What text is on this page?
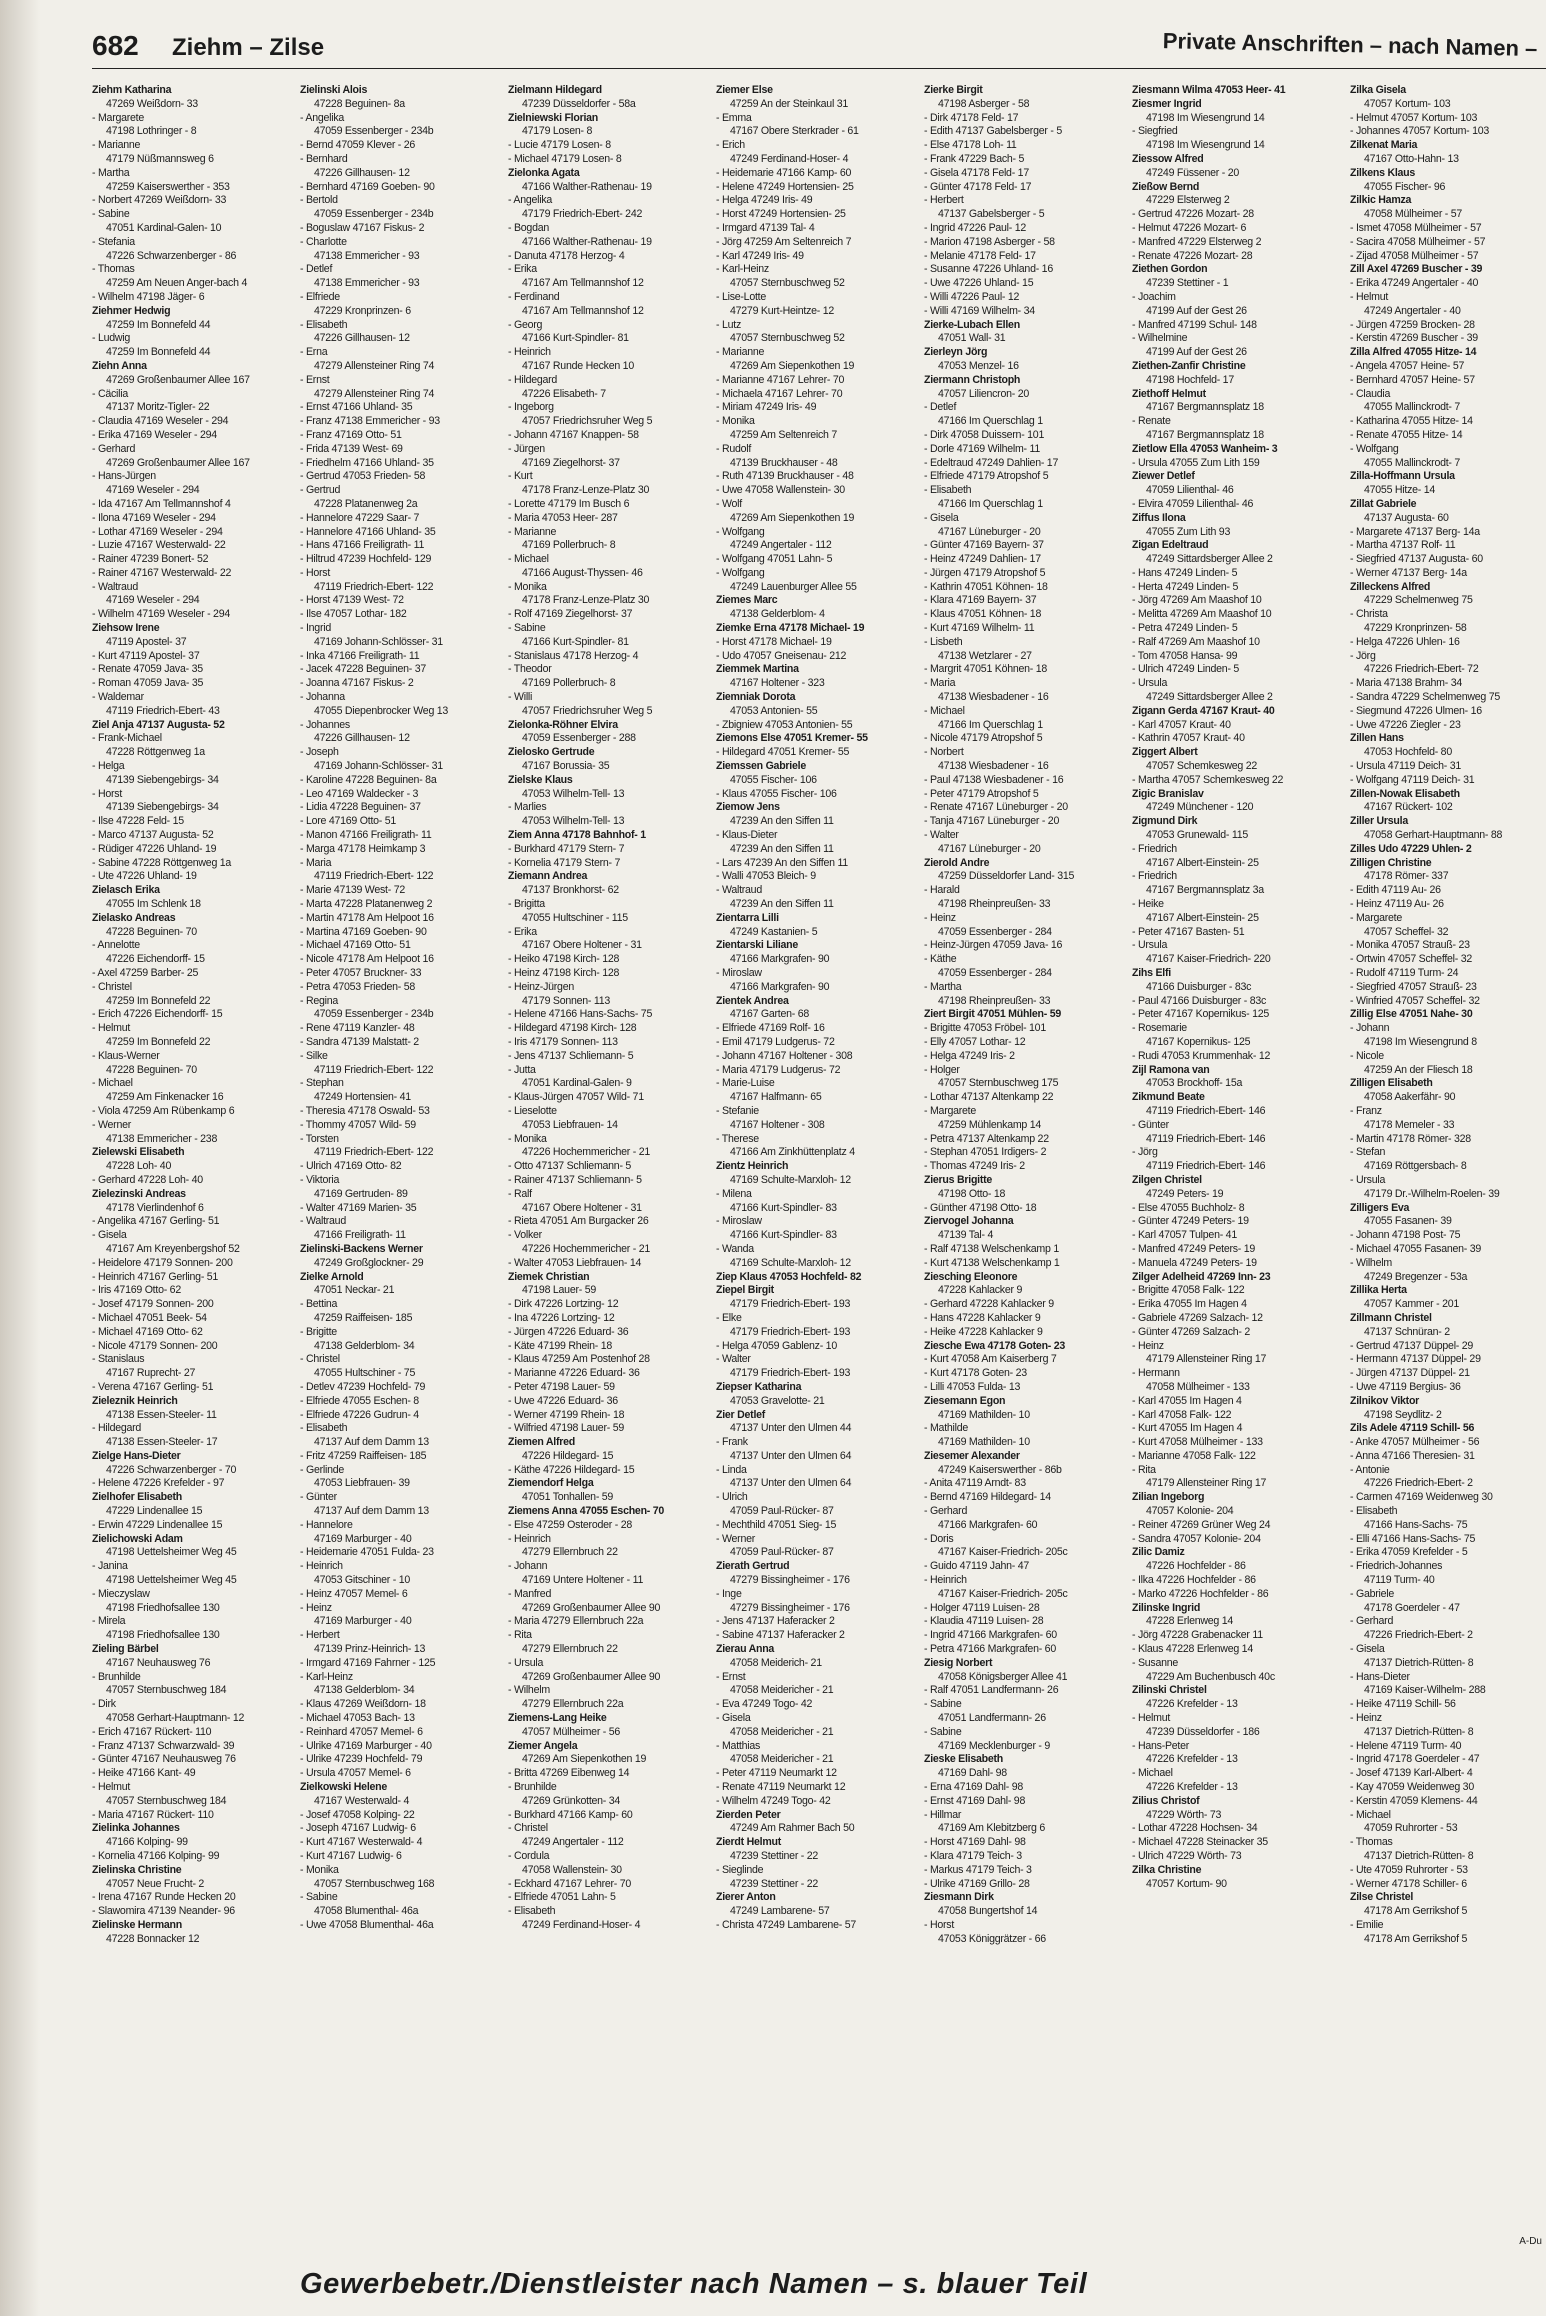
682 Ziehm – Zilse	Private Anschriften – nach Namen –
Ziehm Katharina
47269 Weißdorn- 33
- Margarete
47198 Lothringer - 8
- Marianne
47179 Nüßmannsweg 6
- Martha
47259 Kaiserswerther - 353
- Norbert 47269 Weißdorn- 33
- Sabine
47051 Kardinal-Galen- 10
- Stefania
47226 Schwarzenberger - 86
- Thomas
47259 Am Neuen Anger-bach 4
- Wilhelm 47198 Jäger- 6
Ziehmer Hedwig
47259 Im Bonnefeld 44
- Ludwig
47259 Im Bonnefeld 44
Ziehn Anna
47269 Großenbaumer Allee 167
- Cäcilia
47137 Moritz-Tigler- 22
- Claudia 47169 Weseler - 294
- Erika 47169 Weseler - 294
- Gerhard
47269 Großenbaumer Allee 167
- Hans-Jürgen
47169 Weseler - 294
- Ida 47167 Am Tellmannshof 4
- Ilona 47169 Weseler - 294
- Lothar 47169 Weseler - 294
- Luzie 47167 Westerwald- 22
- Rainer 47239 Bonert- 52
- Rainer 47167 Westerwald- 22
- Waltraud
47169 Weseler - 294
- Wilhelm 47169 Weseler - 294
Ziehsow Irene
47119 Apostel- 37
- Kurt 47119 Apostel- 37
- Renate 47059 Java- 35
- Roman 47059 Java- 35
- Waldemar
47119 Friedrich-Ebert- 43
Ziel Anja 47137 Augusta- 52
- Frank-Michael
47228 Röttgenweg 1a
- Helga
47139 Siebengebirgs- 34
- Horst
47139 Siebengebirgs- 34
- Ilse 47228 Feld- 15
- Marco 47137 Augusta- 52
- Rüdiger 47226 Uhland- 19
- Sabine 47228 Röttgenweg 1a
- Ute 47226 Uhland- 19
Zielasch Erika
47055 Im Schlenk 18
Zielasko Andreas
47228 Beguinen- 70
- Annelotte
47226 Eichendorff- 15
- Axel 47259 Barber- 25
- Christel
47259 Im Bonnefeld 22
- Erich 47226 Eichendorff- 15
- Helmut
47259 Im Bonnefeld 22
- Klaus-Werner
47228 Beguinen- 70
- Michael
47259 Am Finkenacker 16
- Viola 47259 Am Rübenkamp 6
- Werner
47138 Emmericher - 238
Zielewski Elisabeth
47228 Loh- 40
- Gerhard 47228 Loh- 40
Zielezinski Andreas
47178 Vierlindenhof 6
- Angelika 47167 Gerling- 51
- Gisela
47167 Am Kreyenbergshof 52
- Heidelore 47179 Sonnen- 200
- Heinrich 47167 Gerling- 51
- Iris 47169 Otto- 62
- Josef 47179 Sonnen- 200
- Michael 47051 Beek- 54
- Michael 47169 Otto- 62
- Nicole 47179 Sonnen- 200
- Stanislaus
47167 Ruprecht- 27
- Verena 47167 Gerling- 51
Zieleznik Heinrich
47138 Essen-Steeler- 11
- Hildegard
47138 Essen-Steeler- 17
Zielge Hans-Dieter
47226 Schwarzenberger - 70
- Helene 47226 Krefelder - 97
Zielhofer Elisabeth
47229 Lindenallee 15
- Erwin 47229 Lindenallee 15
Zielichowski Adam
47198 Uettelsheimer Weg 45
- Janina
47198 Uettelsheimer Weg 45
- Mieczyslaw
47198 Friedhofsallee 130
- Mirela
47198 Friedhofsallee 130
Zieling Bärbel
47167 Neuhausweg 76
- Brunhilde
47057 Sternbuschweg 184
- Dirk
47058 Gerhart-Hauptmann- 12
- Erich 47167 Rückert- 110
- Franz 47137 Schwarzwald- 39
- Günter 47167 Neuhausweg 76
- Heike 47166 Kant- 49
- Helmut
47057 Sternbuschweg 184
- Maria 47167 Rückert- 110
Zielinka Johannes
47166 Kolping- 99
- Kornelia 47166 Kolping- 99
Zielinska Christine
47057 Neue Frucht- 2
- Irena 47167 Runde Hecken 20
- Slawomira 47139 Neander- 96
Zielinske Hermann
47228 Bonnacker 12
Zielinski Alois
47228 Beguinen- 8a
- Angelika
47059 Essenberger - 234b
- Bernd 47059 Klever - 26
- Bernhard
47226 Gillhausen- 12
- Bernhard 47169 Goeben- 90
- Bertold
47059 Essenberger - 234b
- Boguslaw 47167 Fiskus- 2
- Charlotte
47138 Emmericher - 93
- Detlef
47138 Emmericher - 93
- Elfriede
47229 Kronprinzen- 6
- Elisabeth
47226 Gillhausen- 12
- Erna
47279 Allensteiner Ring 74
- Ernst
47279 Allensteiner Ring 74
- Ernst 47166 Uhland- 35
- Franz 47138 Emmericher - 93
- Franz 47169 Otto- 51
- Frida 47139 West- 69
- Friedhelm 47166 Uhland- 35
- Gertrud 47053 Frieden- 58
- Gertrud
47228 Platanenweg 2a
- Hannelore 47229 Saar- 7
- Hannelore 47166 Uhland- 35
- Hans 47166 Freiligrath- 11
- Hiltrud 47239 Hochfeld- 129
- Horst
47119 Friedrich-Ebert- 122
- Horst 47139 West- 72
- Ilse 47057 Lothar- 182
- Ingrid
47169 Johann-Schlösser- 31
- Inka 47166 Freiligrath- 11
- Jacek 47228 Beguinen- 37
- Joanna 47167 Fiskus- 2
- Johanna
47055 Diepenbrocker Weg 13
- Johannes
47226 Gillhausen- 12
- Joseph
47169 Johann-Schlösser- 31
- Karoline 47228 Beguinen- 8a
- Leo 47169 Waldecker - 3
- Lidia 47228 Beguinen- 37
- Lore 47169 Otto- 51
- Manon 47166 Freiligrath- 11
- Marga 47178 Heimkamp 3
- Maria
47119 Friedrich-Ebert- 122
- Marie 47139 West- 72
- Marta 47228 Platanenweg 2
- Martin 47178 Am Helpoot 16
- Martina 47169 Goeben- 90
- Michael 47169 Otto- 51
- Nicole 47178 Am Helpoot 16
- Peter 47057 Bruckner- 33
- Petra 47053 Frieden- 58
- Regina
47059 Essenberger - 234b
- Rene 47119 Kanzler- 48
- Sandra 47139 Malstatt- 2
- Silke
47119 Friedrich-Ebert- 122
- Stephan
47249 Hortensien- 41
- Theresia 47178 Oswald- 53
- Thommy 47057 Wild- 59
- Torsten
47119 Friedrich-Ebert- 122
- Ulrich 47169 Otto- 82
- Viktoria
47169 Gertruden- 89
- Walter 47169 Marien- 35
- Waltraud
47166 Freiligrath- 11
Zielinski-Backens Werner
47249 Großglockner- 29
Zielke Arnold
47051 Neckar- 21
- Bettina
47259 Raiffeisen- 185
- Brigitte
47138 Gelderblom- 34
- Christel
47055 Hultschiner - 75
- Detlev 47239 Hochfeld- 79
- Elfriede 47055 Eschen- 8
- Elfriede 47226 Gudrun- 4
- Elisabeth
47137 Auf dem Damm 13
- Fritz 47259 Raiffeisen- 185
- Gerlinde
47053 Liebfrauen- 39
- Günter
47137 Auf dem Damm 13
- Hannelore
47169 Marburger - 40
- Heidemarie 47051 Fulda- 23
- Heinrich
47053 Gitschiner - 10
- Heinz 47057 Memel- 6
- Heinz
47169 Marburger - 40
- Herbert
47139 Prinz-Heinrich- 13
- Irmgard 47169 Fahrner - 125
- Karl-Heinz
47138 Gelderblom- 34
- Klaus 47269 Weißdorn- 18
- Michael 47053 Bach- 13
- Reinhard 47057 Memel- 6
- Ulrike 47169 Marburger - 40
- Ulrike 47239 Hochfeld- 79
- Ursula 47057 Memel- 6
Zielkowski Helene
47167 Westerwald- 4
- Josef 47058 Kolping- 22
- Joseph 47167 Ludwig- 6
- Kurt 47167 Westerwald- 4
- Kurt 47167 Ludwig- 6
- Monika
47057 Sternbuschweg 168
- Sabine
47058 Blumenthal- 46a
- Uwe 47058 Blumenthal- 46a
Zielmann Hildegard
47239 Düsseldorfer - 58a
Zielniewski Florian
47179 Losen- 8
- Lucie 47179 Losen- 8
- Michael 47179 Losen- 8
Zielonka Agata
47166 Walther-Rathenau- 19
- Angelika
47179 Friedrich-Ebert- 242
- Bogdan
47166 Walther-Rathenau- 19
- Danuta 47178 Herzog- 4
- Erika
47167 Am Tellmannshof 12
- Ferdinand
47167 Am Tellmannshof 12
- Georg
47166 Kurt-Spindler- 81
- Heinrich
47167 Runde Hecken 10
- Hildegard
47226 Elisabeth- 7
- Ingeborg
47057 Friedrichsruher Weg 5
- Johann 47167 Knappen- 58
- Jürgen
47169 Ziegelhorst- 37
- Kurt
47178 Franz-Lenze-Platz 30
- Lorette 47179 Im Busch 6
- Maria 47053 Heer- 287
- Marianne
47169 Pollerbruch- 8
- Michael
47166 August-Thyssen- 46
- Monika
47178 Franz-Lenze-Platz 30
- Rolf 47169 Ziegelhorst- 37
- Sabine
47166 Kurt-Spindler- 81
- Stanislaus 47178 Herzog- 4
- Theodor
47169 Pollerbruch- 8
- Willi
47057 Friedrichsruher Weg 5
Zielonka-Röhner Elvira
47059 Essenberger - 288
Zielosko Gertrude
47167 Borussia- 35
Zielske Klaus
47053 Wilhelm-Tell- 13
- Marlies
47053 Wilhelm-Tell- 13
Ziem Anna 47178 Bahnhof- 1
- Burkhard 47179 Stern- 7
- Kornelia 47179 Stern- 7
Ziemann Andrea
47137 Bronkhorst- 62
- Brigitta
47055 Hultschiner - 115
- Erika
47167 Obere Holtener - 31
- Heiko 47198 Kirch- 128
- Heinz 47198 Kirch- 128
- Heinz-Jürgen
47179 Sonnen- 113
- Helene 47166 Hans-Sachs- 75
- Hildegard 47198 Kirch- 128
- Iris 47179 Sonnen- 113
- Jens 47137 Schliemann- 5
- Jutta
47051 Kardinal-Galen- 9
- Klaus-Jürgen 47057 Wild- 71
- Lieselotte
47053 Liebfrauen- 14
- Monika
47226 Hochemmericher - 21
- Otto 47137 Schliemann- 5
- Rainer 47137 Schliemann- 5
- Ralf
47167 Obere Holtener - 31
- Rieta 47051 Am Burgacker 26
- Volker
47226 Hochemmericher - 21
- Walter 47053 Liebfrauen- 14
Ziemek Christian
47198 Lauer- 59
- Dirk 47226 Lortzing- 12
- Ina 47226 Lortzing- 12
- Jürgen 47226 Eduard- 36
- Käte 47199 Rhein- 18
- Klaus 47259 Am Postenhof 28
- Marianne 47226 Eduard- 36
- Peter 47198 Lauer- 59
- Uwe 47226 Eduard- 36
- Werner 47199 Rhein- 18
- Wilfried 47198 Lauer- 59
Ziemen Alfred
47226 Hildegard- 15
- Käthe 47226 Hildegard- 15
Ziemendorf Helga
47051 Tonhallen- 59
Ziemens Anna 47055 Eschen- 70
- Else 47259 Osteroder - 28
- Heinrich
47279 Ellernbruch 22
- Johann
47169 Untere Holtener - 11
- Manfred
47269 Großenbaumer Allee 90
- Maria 47279 Ellernbruch 22a
- Rita
47279 Ellernbruch 22
- Ursula
47269 Großenbaumer Allee 90
- Wilhelm
47279 Ellernbruch 22a
Ziemens-Lang Heike
47057 Mülheimer - 56
Ziemer Angela
47269 Am Siepenkothen 19
- Britta 47269 Eibenweg 14
- Brunhilde
47269 Grünkotten- 34
- Burkhard 47166 Kamp- 60
- Christel
47249 Angertaler - 112
- Cordula
47058 Wallenstein- 30
- Eckhard 47167 Lehrer- 70
- Elfriede 47051 Lahn- 5
- Elisabeth
47249 Ferdinand-Hoser- 4
Ziemer Else
47259 An der Steinkaul 31
- Emma
47167 Obere Sterkrader - 61
- Erich
47249 Ferdinand-Hoser- 4
- Heidemarie 47166 Kamp- 60
- Helene 47249 Hortensien- 25
- Helga 47249 Iris- 49
- Horst 47249 Hortensien- 25
- Irmgard 47139 Tal- 4
- Jörg 47259 Am Seltenreich 7
- Karl 47249 Iris- 49
- Karl-Heinz
47057 Sternbuschweg 52
- Lise-Lotte
47279 Kurt-Heintze- 12
- Lutz
47057 Sternbuschweg 52
- Marianne
47269 Am Siepenkothen 19
- Marianne 47167 Lehrer- 70
- Michaela 47167 Lehrer- 70
- Miriam 47249 Iris- 49
- Monika
47259 Am Seltenreich 7
- Rudolf
47139 Bruckhauser - 48
- Ruth 47139 Bruckhauser - 48
- Uwe 47058 Wallenstein- 30
- Wolf
47269 Am Siepenkothen 19
- Wolfgang
47249 Angertaler - 112
- Wolfgang 47051 Lahn- 5
- Wolfgang
47249 Lauenburger Allee 55
Ziemes Marc
47138 Gelderblom- 4
Ziemke Erna 47178 Michael- 19
- Horst 47178 Michael- 19
- Udo 47057 Gneisenau- 212
Ziemmek Martina
47167 Holtener - 323
Ziemniak Dorota
47053 Antonien- 55
- Zbigniew 47053 Antonien- 55
Ziemons Else 47051 Kremer- 55
- Hildegard 47051 Kremer- 55
Ziemssen Gabriele
47055 Fischer- 106
- Klaus 47055 Fischer- 106
Ziemow Jens
47239 An den Siffen 11
- Klaus-Dieter
47239 An den Siffen 11
- Lars 47239 An den Siffen 11
- Walli 47053 Bleich- 9
- Waltraud
47239 An den Siffen 11
Zientarra Lilli
47249 Kastanien- 5
Zientarski Liliane
47166 Markgrafen- 90
- Miroslaw
47166 Markgrafen- 90
Zientek Andrea
47167 Garten- 68
- Elfriede 47169 Rolf- 16
- Emil 47179 Ludgerus- 72
- Johann 47167 Holtener - 308
- Maria 47179 Ludgerus- 72
- Marie-Luise
47167 Halfmann- 65
- Stefanie
47167 Holtener - 308
- Therese
47166 Am Zinkhüttenplatz 4
Zientz Heinrich
47169 Schulte-Marxloh- 12
- Milena
47166 Kurt-Spindler- 83
- Miroslaw
47166 Kurt-Spindler- 83
- Wanda
47169 Schulte-Marxloh- 12
Ziep Klaus 47053 Hochfeld- 82
Ziepel Birgit
47179 Friedrich-Ebert- 193
- Elke
47179 Friedrich-Ebert- 193
- Helga 47059 Gablenz- 10
- Walter
47179 Friedrich-Ebert- 193
Ziepser Katharina
47053 Gravelotte- 21
Zier Detlef
47137 Unter den Ulmen 44
- Frank
47137 Unter den Ulmen 64
- Linda
47137 Unter den Ulmen 64
- Ulrich
47059 Paul-Rücker- 87
- Mechthild 47051 Sieg- 15
- Werner
47059 Paul-Rücker- 87
Zierath Gertrud
47279 Bissingheimer - 176
- Inge
47279 Bissingheimer - 176
- Jens 47137 Haferacker 2
- Sabine 47137 Haferacker 2
Zierau Anna
47058 Meiderich- 21
- Ernst
47058 Meidericher - 21
- Eva 47249 Togo- 42
- Gisela
47058 Meidericher - 21
- Matthias
47058 Meidericher - 21
- Peter 47119 Neumarkt 12
- Renate 47119 Neumarkt 12
- Wilhelm 47249 Togo- 42
Zierden Peter
47249 Am Rahmer Bach 50
Zierdt Helmut
47239 Stettiner - 22
- Sieglinde
47239 Stettiner - 22
Zierer Anton
47249 Lambarene- 57
- Christa 47249 Lambarene- 57
Zierke Birgit
47198 Asberger - 58
- Dirk 47178 Feld- 17
- Edith 47137 Gabelsberger - 5
- Else 47178 Loh- 11
- Frank 47229 Bach- 5
- Gisela 47178 Feld- 17
- Günter 47178 Feld- 17
- Herbert
47137 Gabelsberger - 5
- Ingrid 47226 Paul- 12
- Marion 47198 Asberger - 58
- Melanie 47178 Feld- 17
- Susanne 47226 Uhland- 16
- Uwe 47226 Uhland- 15
- Willi 47226 Paul- 12
- Willi 47169 Wilhelm- 34
Zierke-Lubach Ellen
47051 Wall- 31
Zierleyn Jörg
47053 Menzel- 16
Ziermann Christoph
47057 Liliencron- 20
- Detlef
47166 Im Querschlag 1
- Dirk 47058 Duissern- 101
- Dorle 47169 Wilhelm- 11
- Edeltraud 47249 Dahlien- 17
- Elfriede 47179 Atropshof 5
- Elisabeth
47166 Im Querschlag 1
- Gisela
47167 Lüneburger - 20
- Günter 47169 Bayern- 37
- Heinz 47249 Dahlien- 17
- Jürgen 47179 Atropshof 5
- Kathrin 47051 Köhnen- 18
- Klara 47169 Bayern- 37
- Klaus 47051 Köhnen- 18
- Kurt 47169 Wilhelm- 11
- Lisbeth
47138 Wetzlarer - 27
- Margrit 47051 Köhnen- 18
- Maria
47138 Wiesbadener - 16
- Michael
47166 Im Querschlag 1
- Nicole 47179 Atropshof 5
- Norbert
47138 Wiesbadener - 16
- Paul 47138 Wiesbadener - 16
- Peter 47179 Atropshof 5
- Renate 47167 Lüneburger - 20
- Tanja 47167 Lüneburger - 20
- Walter
47167 Lüneburger - 20
Zierold Andre
47259 Düsseldorfer Land- 315
- Harald
47198 Rheinpreußen- 33
- Heinz
47059 Essenberger - 284
- Heinz-Jürgen 47059 Java- 16
- Käthe
47059 Essenberger - 284
- Martha
47198 Rheinpreußen- 33
Ziert Birgit 47051 Mühlen- 59
- Brigitte 47053 Fröbel- 101
- Elly 47057 Lothar- 12
- Helga 47249 Iris- 2
- Holger
47057 Sternbuschweg 175
- Lothar 47137 Altenkamp 22
- Margarete
47259 Mühlenkamp 14
- Petra 47137 Altenkamp 22
- Stephan 47051 Irdigers- 2
- Thomas 47249 Iris- 2
Zierus Brigitte
47198 Otto- 18
- Günther 47198 Otto- 18
Ziervogel Johanna
47139 Tal- 4
- Ralf 47138 Welschenkamp 1
- Kurt 47138 Welschenkamp 1
Ziesching Eleonore
47228 Kahlacker 9
- Gerhard 47228 Kahlacker 9
- Hans 47228 Kahlacker 9
- Heike 47228 Kahlacker 9
Ziesche Ewa 47178 Goten- 23
- Kurt 47058 Am Kaiserberg 7
- Kurt 47178 Goten- 23
- Lilli 47053 Fulda- 13
Ziesemann Egon
47169 Mathilden- 10
- Mathilde
47169 Mathilden- 10
Ziesemer Alexander
47249 Kaiserswerther - 86b
- Anita 47119 Arndt- 83
- Bernd 47169 Hildegard- 14
- Gerhard
47166 Markgrafen- 60
- Doris
47167 Kaiser-Friedrich- 205c
- Guido 47119 Jahn- 47
- Heinrich
47167 Kaiser-Friedrich- 205c
- Holger 47119 Luisen- 28
- Klaudia 47119 Luisen- 28
- Ingrid 47166 Markgrafen- 60
- Petra 47166 Markgrafen- 60
Ziesig Norbert
47058 Königsberger Allee 41
- Ralf 47051 Landfermann- 26
- Sabine
47051 Landfermann- 26
- Sabine
47169 Mecklenburger - 9
Zieske Elisabeth
47169 Dahl- 98
- Erna 47169 Dahl- 98
- Ernst 47169 Dahl- 98
- Hillmar
47169 Am Klebitzberg 6
- Horst 47169 Dahl- 98
- Klara 47179 Teich- 3
- Markus 47179 Teich- 3
- Ulrike 47169 Grillo- 28
Ziesmann Dirk
47058 Bungertshof 14
- Horst
47053 Königgrätzer - 66
Ziesmann Wilma 47053 Heer- 41
Ziesmer Ingrid
47198 Im Wiesengrund 14
- Siegfried
47198 Im Wiesengrund 14
Ziessow Alfred
47249 Füssener - 20
Zießow Bernd
47229 Elsterweg 2
- Gertrud 47226 Mozart- 28
- Helmut 47226 Mozart- 6
- Manfred 47229 Elsterweg 2
- Renate 47226 Mozart- 28
Ziethen Gordon
47239 Stettiner - 1
- Joachim
47199 Auf der Gest 26
- Manfred 47199 Schul- 148
- Wilhelmine
47199 Auf der Gest 26
Ziethen-Zanfir Christine
47198 Hochfeld- 17
Ziethoff Helmut
47167 Bergmannsplatz 18
- Renate
47167 Bergmannsplatz 18
Zietlow Ella 47053 Wanheim- 3
- Ursula 47055 Zum Lith 159
Ziewer Detlef
47059 Lilienthal- 46
- Elvira 47059 Lilienthal- 46
Ziffus Ilona
47055 Zum Lith 93
Zigan Edeltraud
47249 Sittardsberger Allee 2
- Hans 47249 Linden- 5
- Herta 47249 Linden- 5
- Jörg 47269 Am Maashof 10
- Melitta 47269 Am Maashof 10
- Petra 47249 Linden- 5
- Ralf 47269 Am Maashof 10
- Tom 47058 Hansa- 99
- Ulrich 47249 Linden- 5
- Ursula
47249 Sittardsberger Allee 2
Zigann Gerda 47167 Kraut- 40
- Karl 47057 Kraut- 40
- Kathrin 47057 Kraut- 40
Ziggert Albert
47057 Schemkesweg 22
- Martha 47057 Schemkesweg 22
Zigic Branislav
47249 Münchener - 120
Zigmund Dirk
47053 Grunewald- 115
- Friedrich
47167 Albert-Einstein- 25
- Friedrich
47167 Bergmannsplatz 3a
- Heike
47167 Albert-Einstein- 25
- Peter 47167 Basten- 51
- Ursula
47167 Kaiser-Friedrich- 220
Zihs Elfi
47166 Duisburger - 83c
- Paul 47166 Duisburger - 83c
- Peter 47167 Kopernikus- 125
- Rosemarie
47167 Kopernikus- 125
- Rudi 47053 Krummenhak- 12
Zijl Ramona van
47053 Brockhoff- 15a
Zikmund Beate
47119 Friedrich-Ebert- 146
- Günter
47119 Friedrich-Ebert- 146
- Jörg
47119 Friedrich-Ebert- 146
Zilgen Christel
47249 Peters- 19
- Else 47055 Buchholz- 8
- Günter 47249 Peters- 19
- Karl 47057 Tulpen- 41
- Manfred 47249 Peters- 19
- Manuela 47249 Peters- 19
Zilger Adelheid 47269 Inn- 23
- Brigitte 47058 Falk- 122
- Erika 47055 Im Hagen 4
- Gabriele 47269 Salzach- 12
- Günter 47269 Salzach- 2
- Heinz
47179 Allensteiner Ring 17
- Hermann
47058 Mülheimer - 133
- Karl 47055 Im Hagen 4
- Karl 47058 Falk- 122
- Kurt 47055 Im Hagen 4
- Kurt 47058 Mülheimer - 133
- Marianne 47058 Falk- 122
- Rita
47179 Allensteiner Ring 17
Zilian Ingeborg
47057 Kolonie- 204
- Reiner 47269 Grüner Weg 24
- Sandra 47057 Kolonie- 204
Zilic Damiz
47226 Hochfelder - 86
- Ilka 47226 Hochfelder - 86
- Marko 47226 Hochfelder - 86
Zilinske Ingrid
47228 Erlenweg 14
- Jörg 47228 Grabenacker 11
- Klaus 47228 Erlenweg 14
- Susanne
47229 Am Buchenbusch 40c
Zilinski Christel
47226 Krefelder - 13
- Helmut
47239 Düsseldorfer - 186
- Hans-Peter
47226 Krefelder - 13
- Michael
47226 Krefelder - 13
Zilius Christof
47229 Wörth- 73
- Lothar 47228 Hochsen- 34
- Michael 47228 Steinacker 35
- Ulrich 47229 Wörth- 73
Zilka Christine
47057 Kortum- 90
Zilka Gisela
47057 Kortum- 103
- Helmut 47057 Kortum- 103
- Johannes 47057 Kortum- 103
Zilkenat Maria
47167 Otto-Hahn- 13
Zilkens Klaus
47055 Fischer- 96
Zilkic Hamza
47058 Mülheimer - 57
- Ismet 47058 Mülheimer - 57
- Sacira 47058 Mülheimer - 57
- Zijad 47058 Mülheimer - 57
Zill Axel 47269 Buscher - 39
- Erika 47249 Angertaler - 40
- Helmut
47249 Angertaler - 40
- Jürgen 47259 Brocken- 28
- Kerstin 47269 Buscher - 39
Zilla Alfred 47055 Hitze- 14
- Angela 47057 Heine- 57
- Bernhard 47057 Heine- 57
- Claudia
47055 Mallinckrodt- 7
- Katharina 47055 Hitze- 14
- Renate 47055 Hitze- 14
- Wolfgang
47055 Mallinckrodt- 7
Zilla-Hoffmann Ursula
47055 Hitze- 14
Zillat Gabriele
47137 Augusta- 60
- Margarete 47137 Berg- 14a
- Martha 47137 Rolf- 11
- Siegfried 47137 Augusta- 60
- Werner 47137 Berg- 14a
Zilleckens Alfred
47229 Schelmenweg 75
- Christa
47229 Kronprinzen- 58
- Helga 47226 Uhlen- 16
- Jörg
47226 Friedrich-Ebert- 72
- Maria 47138 Brahm- 34
- Sandra 47229 Schelmenweg 75
- Siegmund 47226 Ulmen- 16
- Uwe 47226 Ziegler - 23
Zillen Hans
47053 Hochfeld- 80
- Ursula 47119 Deich- 31
- Wolfgang 47119 Deich- 31
Zillen-Nowak Elisabeth
47167 Rückert- 102
Ziller Ursula
47058 Gerhart-Hauptmann- 88
Zilles Udo 47229 Uhlen- 2
Zilligen Christine
47178 Römer- 337
- Edith 47119 Au- 26
- Heinz 47119 Au- 26
- Margarete
47057 Scheffel- 32
- Monika 47057 Strauß- 23
- Ortwin 47057 Scheffel- 32
- Rudolf 47119 Turm- 24
- Siegfried 47057 Strauß- 23
- Winfried 47057 Scheffel- 32
Zillig Else 47051 Nahe- 30
- Johann
47198 Im Wiesengrund 8
- Nicole
47259 An der Fliesch 18
Zilligen Elisabeth
47058 Aakerfähr- 90
- Franz
47178 Memeler - 33
- Martin 47178 Römer- 328
- Stefan
47169 Röttgersbach- 8
- Ursula
47179 Dr.-Wilhelm-Roelen- 39
Zilligers Eva
47055 Fasanen- 39
- Johann 47198 Post- 75
- Michael 47055 Fasanen- 39
- Wilhelm
47249 Bregenzer - 53a
Zillika Herta
47057 Kammer - 201
Zillmann Christel
47137 Schnüran- 2
- Gertrud 47137 Düppel- 29
- Hermann 47137 Düppel- 29
- Jürgen 47137 Düppel- 21
- Uwe 47119 Bergius- 36
Zilnikov Viktor
47198 Seydlitz- 2
Zils Adele 47119 Schill- 56
- Anke 47057 Mülheimer - 56
- Anna 47166 Theresien- 31
- Antonie
47226 Friedrich-Ebert- 2
- Carmen 47169 Weidenweg 30
- Elisabeth
47166 Hans-Sachs- 75
- Elli 47166 Hans-Sachs- 75
- Erika 47059 Krefelder - 5
- Friedrich-Johannes
47119 Turm- 40
- Gabriele
47178 Goerdeler - 47
- Gerhard
47226 Friedrich-Ebert- 2
- Gisela
47137 Dietrich-Rütten- 8
- Hans-Dieter
47169 Kaiser-Wilhelm- 288
- Heike 47119 Schill- 56
- Heinz
47137 Dietrich-Rütten- 8
- Helene 47119 Turm- 40
- Ingrid 47178 Goerdeler - 47
- Josef 47139 Karl-Albert- 4
- Kay 47059 Weidenweg 30
- Kerstin 47059 Klemens- 44
- Michael
47059 Ruhrorter - 53
- Thomas
47137 Dietrich-Rütten- 8
- Ute 47059 Ruhrorter - 53
- Werner 47178 Schiller- 6
Zilse Christel
47178 Am Gerrikshof 5
- Emilie
47178 Am Gerrikshof 5
Gewerbebetr./Dienstleister nach Namen – s. blauer Teil
A-Du
